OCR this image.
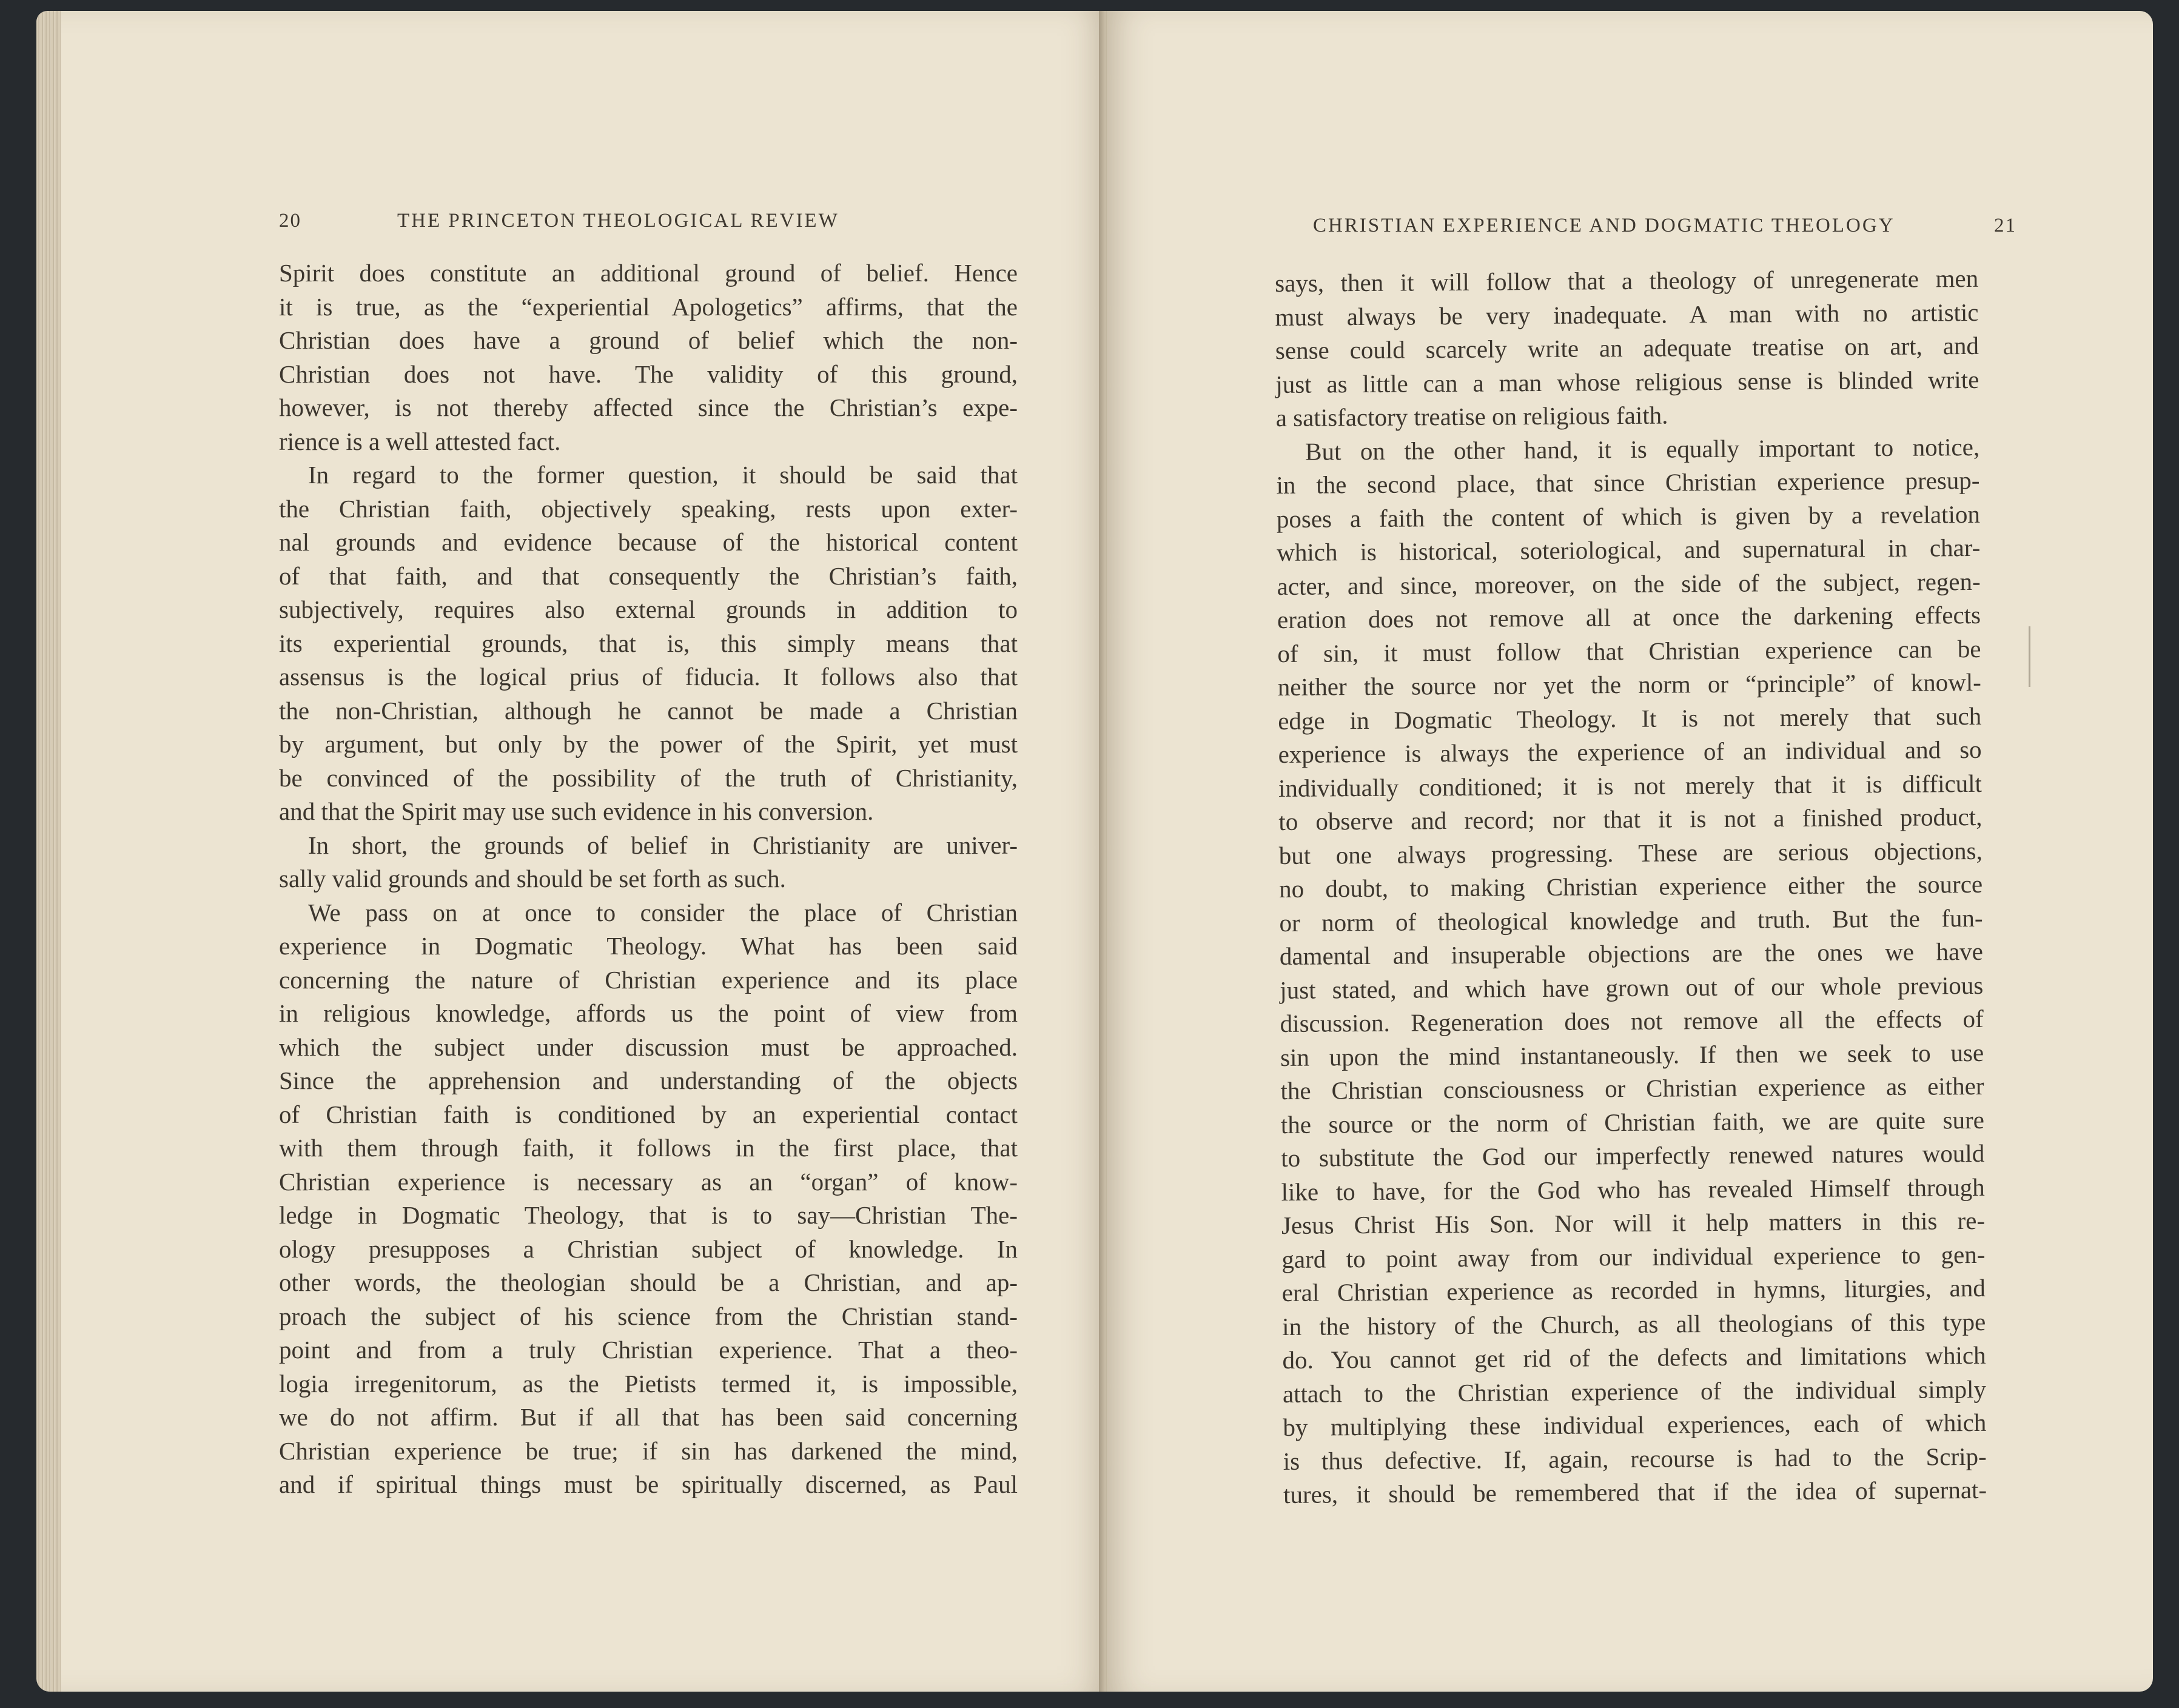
20	THE PRINCETON THEOLOGICAL REVIEW
Spirit does constitute an additional ground of belief. Hence
it is true, as the “experiential Apologetics” affirms, that the
Christian does have a ground of belief which the non-
Christian does not have. The validity of this ground,
however, is not thereby affected since the Christian’s expe-
rience is a well attested fact.
In regard to the former question, it should be said that
the Christian faith, objectively speaking, rests upon exter-
nal grounds and evidence because of the historical content
of that faith, and that consequently the Christian’s faith,
subjectively, requires also external grounds in addition to
its experiential grounds, that is, this simply means that
assensus is the logical prius of fiducia. It follows also that
the non-Christian, although he cannot be made a Christian
by argument, but only by the power of the Spirit, yet must
be convinced of the possibility of the truth of Christianity,
and that the Spirit may use such evidence in his conversion.
In short, the grounds of belief in Christianity are univer-
sally valid grounds and should be set forth as such.
We pass on at once to consider the place of Christian
experience in Dogmatic Theology. What has been said
concerning the nature of Christian experience and its place
in religious knowledge, affords us the point of view from
which the subject under discussion must be approached.
Since the apprehension and understanding of the objects
of Christian faith is conditioned by an experiential contact
with them through faith, it follows in the first place, that
Christian experience is necessary as an “organ” of know-
ledge in Dogmatic Theology, that is to say—Christian The-
ology presupposes a Christian subject of knowledge. In
other words, the theologian should be a Christian, and ap-
proach the subject of his science from the Christian stand-
point and from a truly Christian experience. That a theo-
logia irregenitorum, as the Pietists termed it, is impossible,
we do not affirm. But if all that has been said concerning
Christian experience be true; if sin has darkened the mind,
and if spiritual things must be spiritually discerned, as Paul
CHRISTIAN EXPERIENCE AND DOGMATIC THEOLOGY	21
says, then it will follow that a theology of unregenerate men
must always be very inadequate. A man with no artistic
sense could scarcely write an adequate treatise on art, and
just as little can a man whose religious sense is blinded write
a satisfactory treatise on religious faith.
But on the other hand, it is equally important to notice,
in the second place, that since Christian experience presup-
poses a faith the content of which is given by a revelation
which is historical, soteriological, and supernatural in char-
acter, and since, moreover, on the side of the subject, regen-
eration does not remove all at once the darkening effects
of sin, it must follow that Christian experience can be
neither the source nor yet the norm or “principle” of knowl-
edge in Dogmatic Theology. It is not merely that such
experience is always the experience of an individual and so
individually conditioned; it is not merely that it is difficult
to observe and record; nor that it is not a finished product,
but one always progressing. These are serious objections,
no doubt, to making Christian experience either the source
or norm of theological knowledge and truth. But the fun-
damental and insuperable objections are the ones we have
just stated, and which have grown out of our whole previous
discussion. Regeneration does not remove all the effects of
sin upon the mind instantaneously. If then we seek to use
the Christian consciousness or Christian experience as either
the source or the norm of Christian faith, we are quite sure
to substitute the God our imperfectly renewed natures would
like to have, for the God who has revealed Himself through
Jesus Christ His Son. Nor will it help matters in this re-
gard to point away from our individual experience to gen-
eral Christian experience as recorded in hymns, liturgies, and
in the history of the Church, as all theologians of this type
do. You cannot get rid of the defects and limitations which
attach to the Christian experience of the individual simply
by multiplying these individual experiences, each of which
is thus defective. If, again, recourse is had to the Scrip-
tures, it should be remembered that if the idea of supernat-
